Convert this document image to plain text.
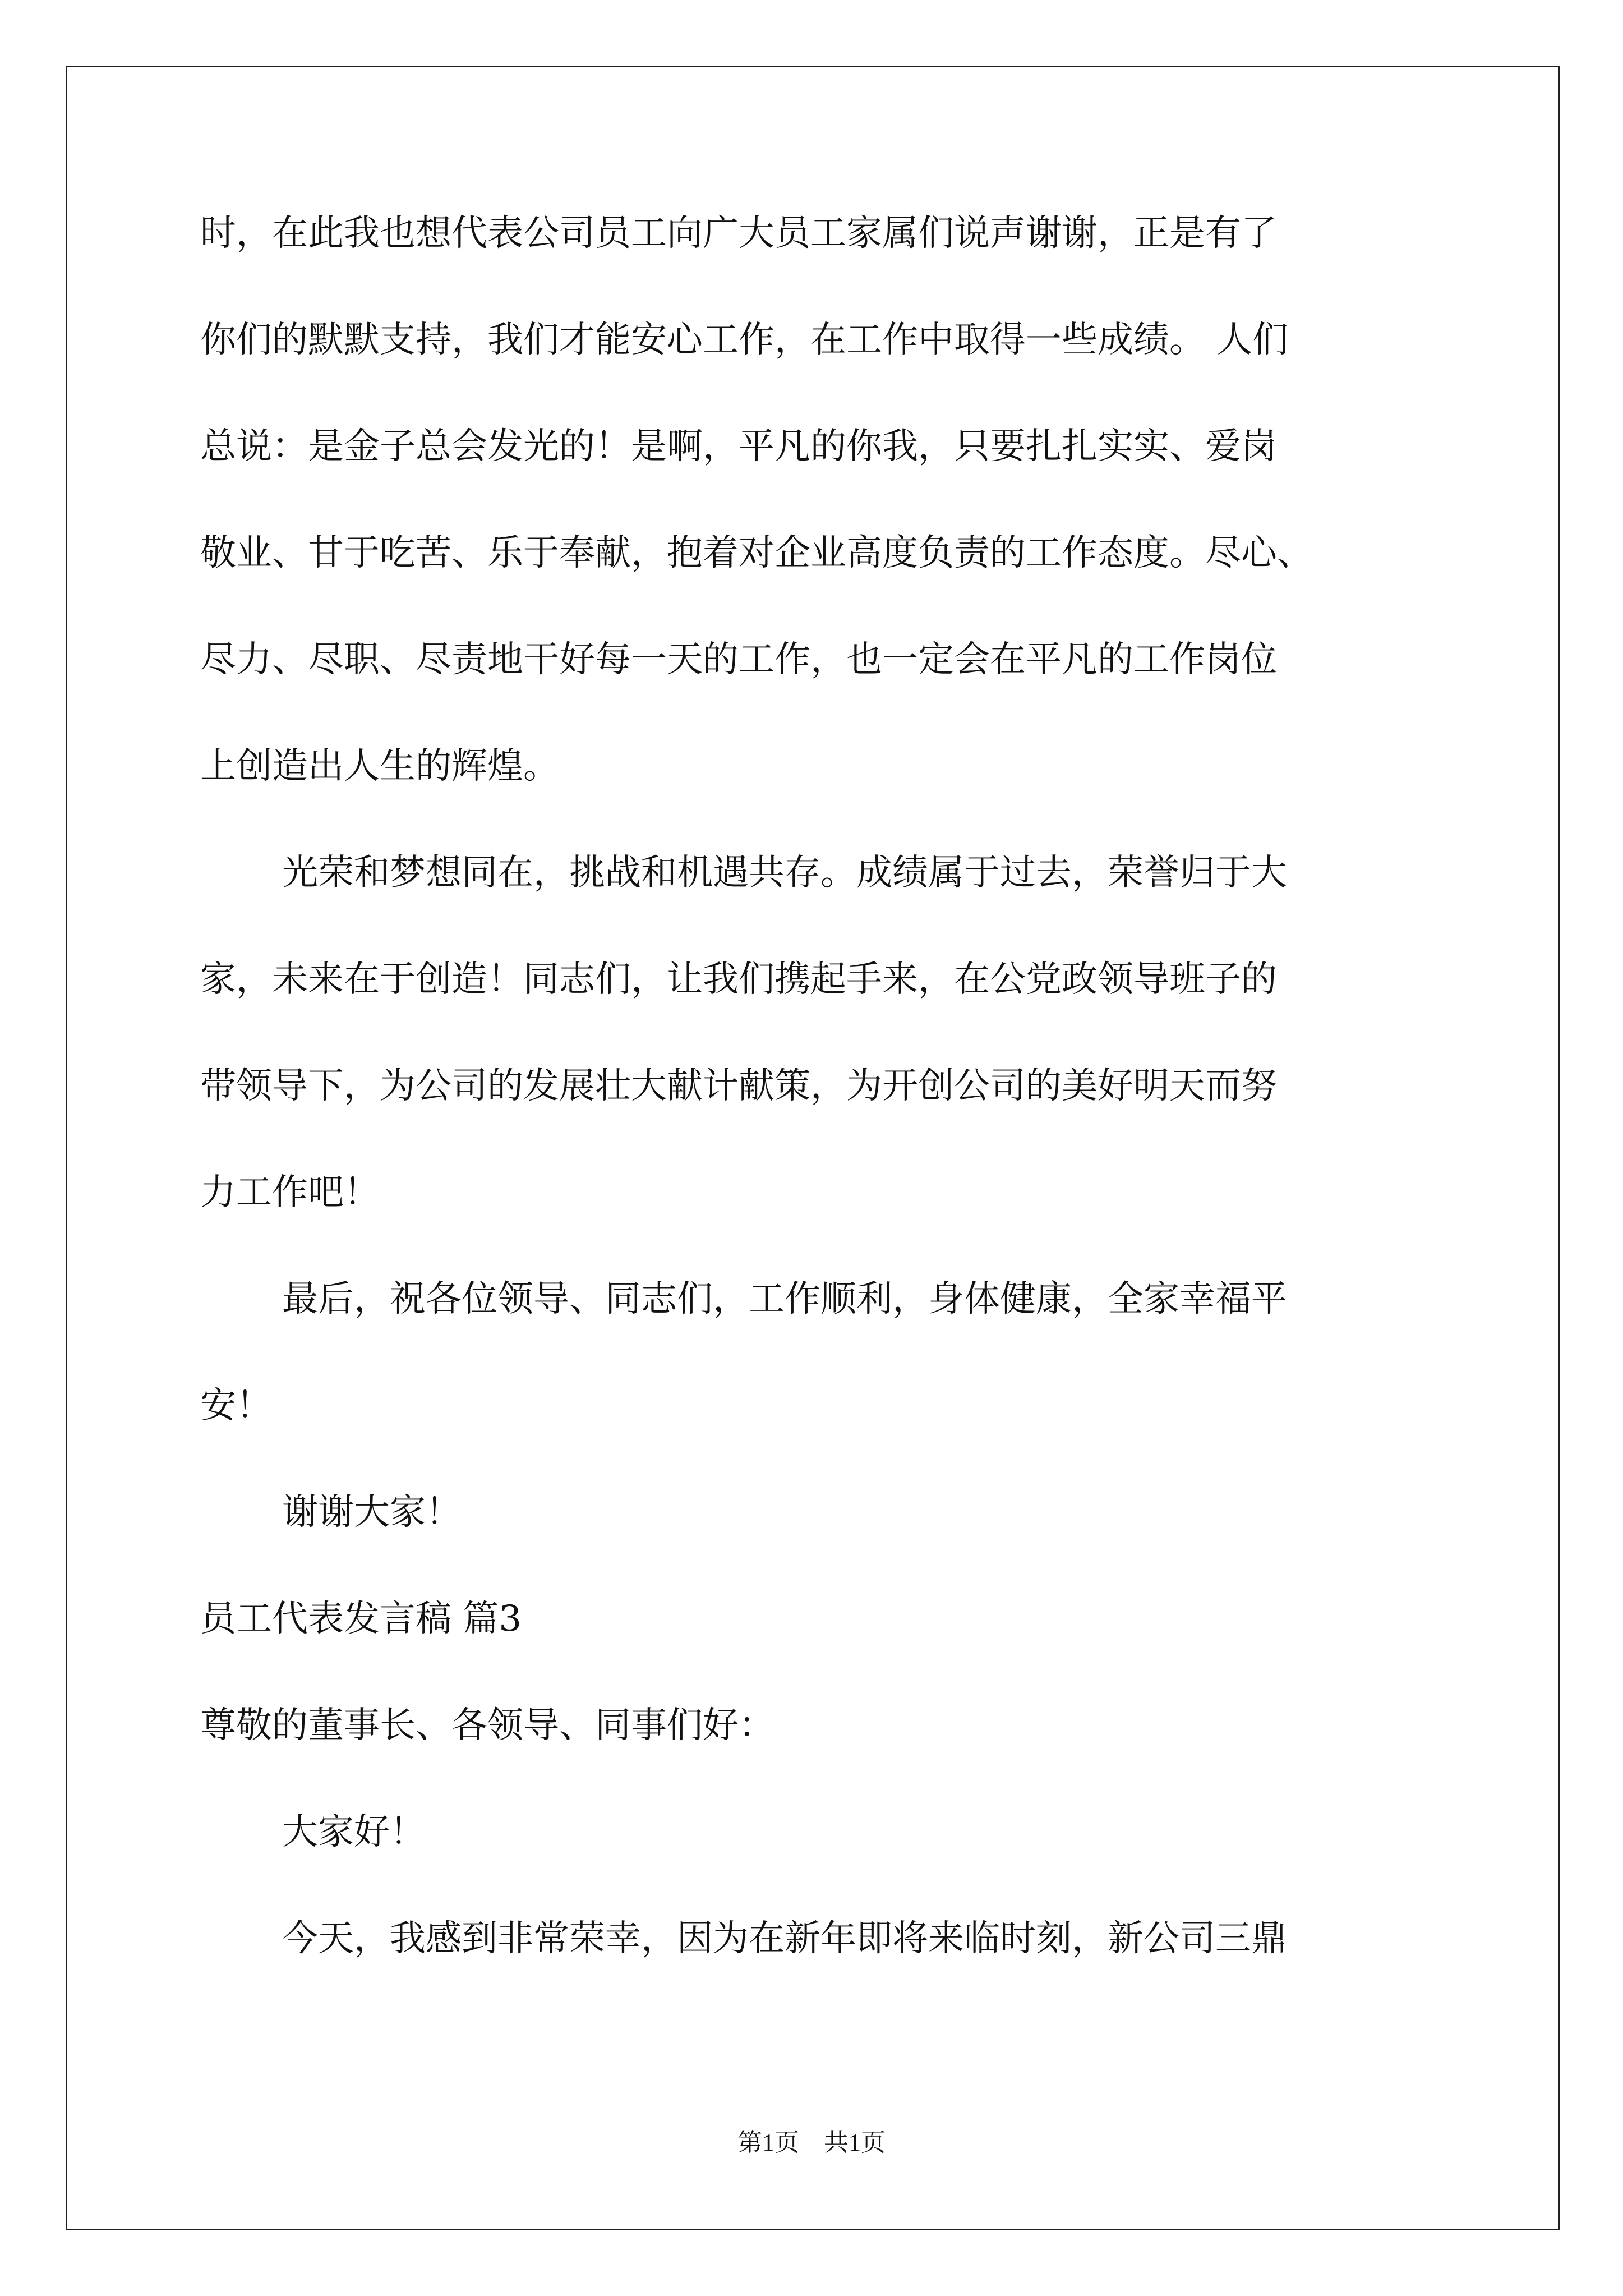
时，在此我也想代表公司员工向广大员工家属们说声谢谢，正是有了

你们的默默支持，我们才能安心工作，在工作中取得一些成绩。 人们

总说：是金子总会发光的！是啊，平凡的你我，只要扎扎实实、爱岗

敬业、甘于吃苦、乐于奉献，抱着对企业高度负责的工作态度。尽心、

尽力、尽职、尽责地干好每一天的工作，也一定会在平凡的工作岗位

上创造出人生的辉煌。

光荣和梦想同在，挑战和机遇共存。成绩属于过去，荣誉归于大

家，未来在于创造！同志们，让我们携起手来，在公党政领导班子的

带领导下，为公司的发展壮大献计献策，为开创公司的美好明天而努

力工作吧！

最后，祝各位领导、同志们，工作顺利，身体健康，全家幸福平

安！

谢谢大家！

员工代表发言稿 篇3

尊敬的董事长、各领导、同事们好：

大家好！

今天，我感到非常荣幸，因为在新年即将来临时刻，新公司三鼎

第1页　共1页
